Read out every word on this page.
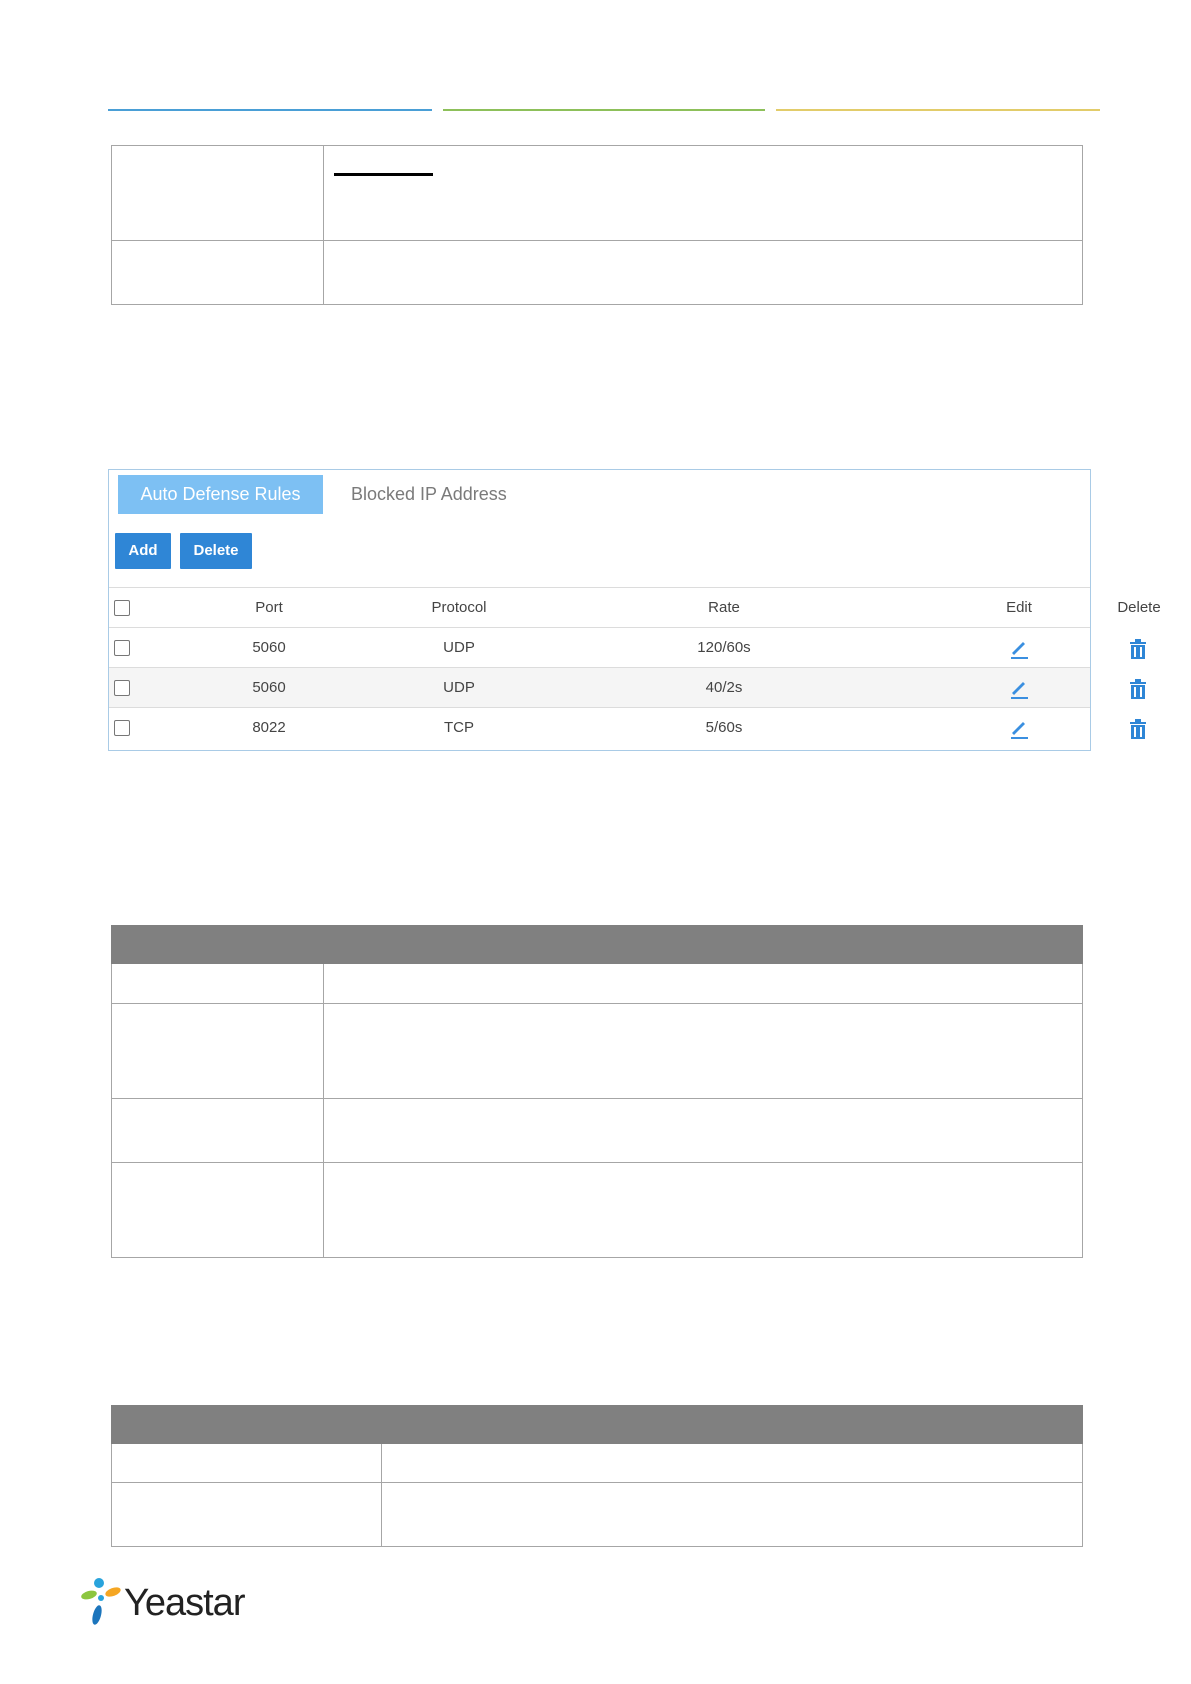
Auto Defense Rules	Blocked IP Address
Add	Delete
Port	Protocol	Rate	Edit	Delete
5060	UDP	120/60s
5060	UDP	40/2s
8022	TCP	5/60s

Yeastar
